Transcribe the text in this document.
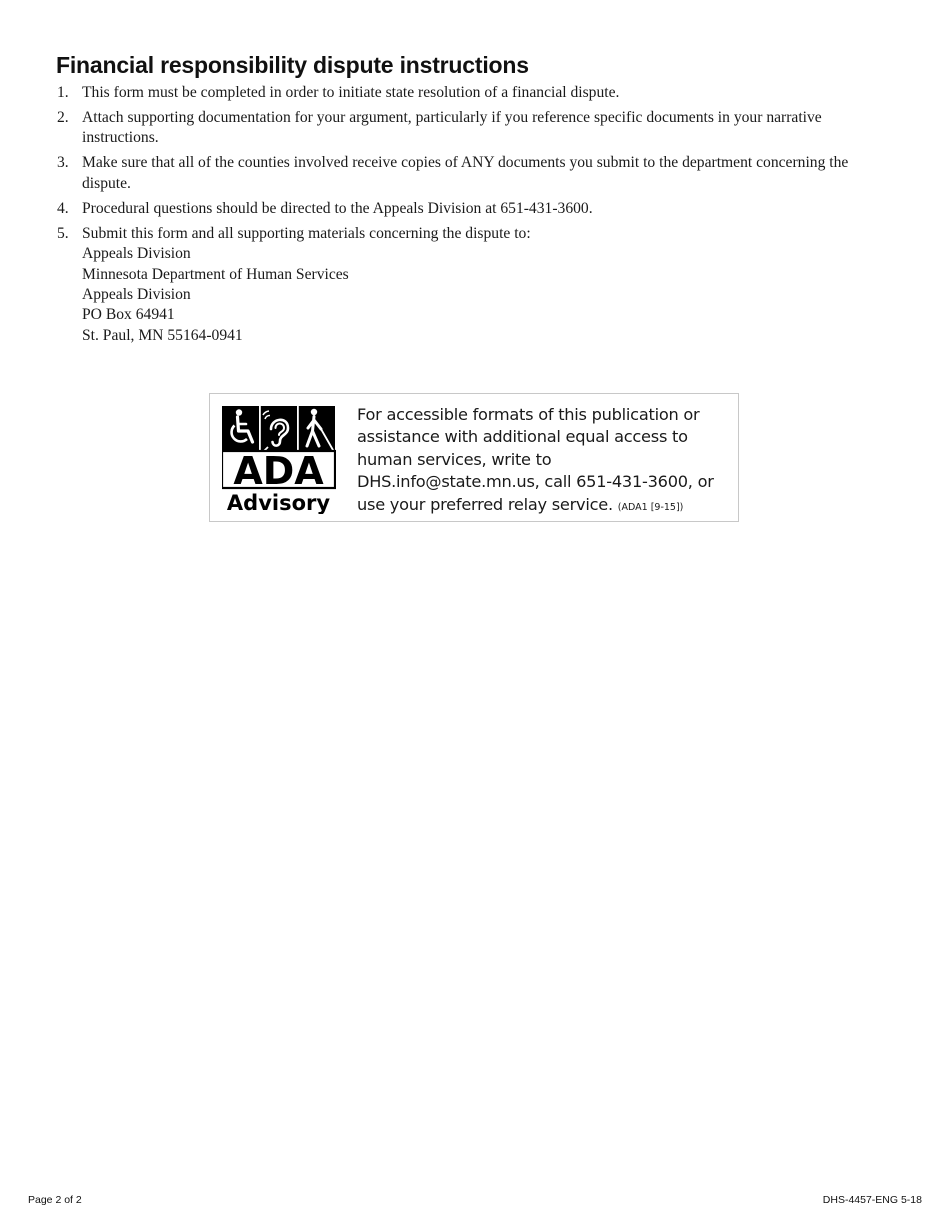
Financial responsibility dispute instructions
1. This form must be completed in order to initiate state resolution of a financial dispute.
2. Attach supporting documentation for your argument, particularly if you reference specific documents in your narrative instructions.
3. Make sure that all of the counties involved receive copies of ANY documents you submit to the department concerning the dispute.
4. Procedural questions should be directed to the Appeals Division at 651-431-3600.
5. Submit this form and all supporting materials concerning the dispute to:
Appeals Division
Minnesota Department of Human Services
Appeals Division
PO Box 64941
St. Paul, MN 55164-0941
ADA
Advisory
For accessible formats of this publication or assistance with additional equal access to human services, write to DHS.info@state.mn.us, call 651-431-3600, or use your preferred relay service. (ADA1 [9-15])
Page 2 of 2	DHS-4457-ENG 5-18
